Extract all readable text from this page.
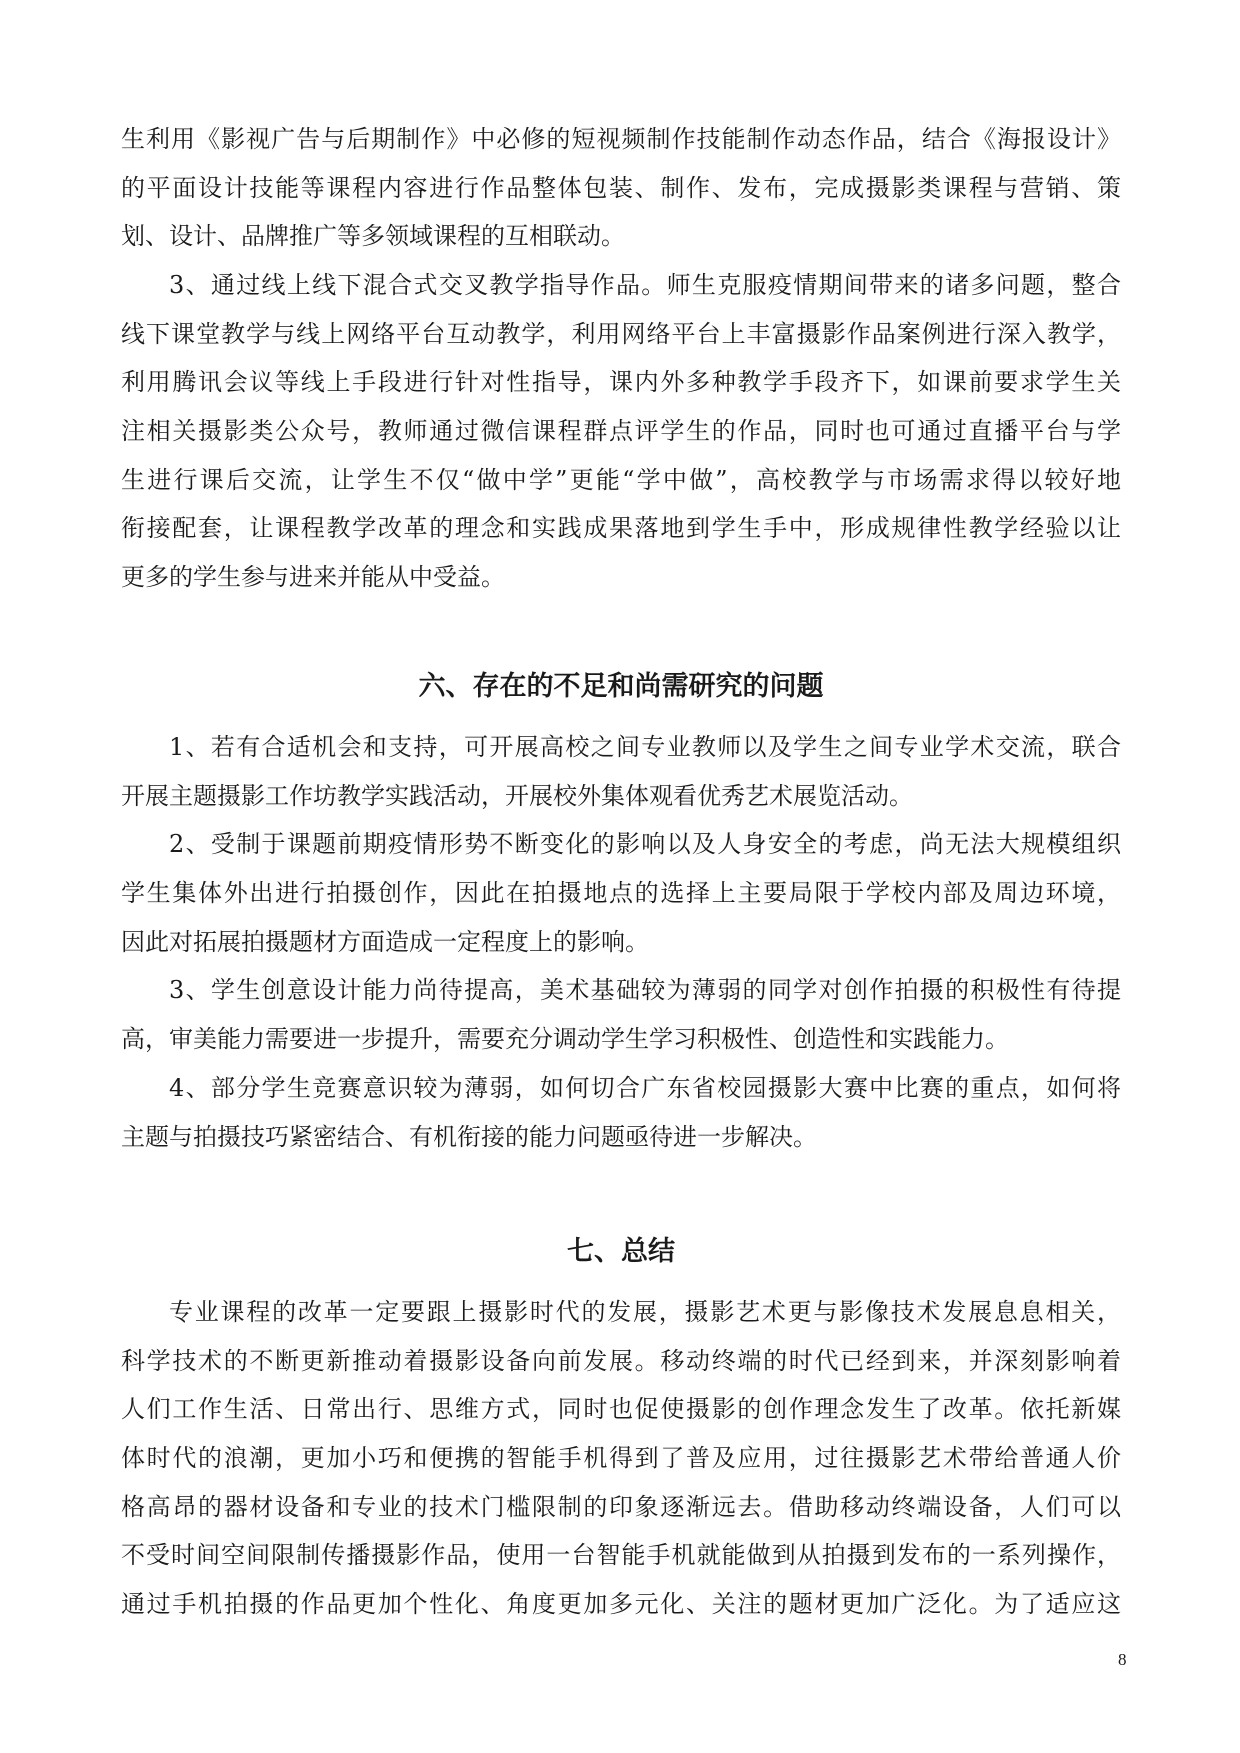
生利用《影视广告与后期制作》中必修的短视频制作技能制作动态作品，结合《海报设计》
的平面设计技能等课程内容进行作品整体包装、制作、发布，完成摄影类课程与营销、策
划、设计、品牌推广等多领域课程的互相联动。
3、通过线上线下混合式交叉教学指导作品。师生克服疫情期间带来的诸多问题，整合
线下课堂教学与线上网络平台互动教学，利用网络平台上丰富摄影作品案例进行深入教学，
利用腾讯会议等线上手段进行针对性指导，课内外多种教学手段齐下，如课前要求学生关
注相关摄影类公众号，教师通过微信课程群点评学生的作品，同时也可通过直播平台与学
生进行课后交流，让学生不仅“做中学”更能“学中做”，高校教学与市场需求得以较好地
衔接配套，让课程教学改革的理念和实践成果落地到学生手中，形成规律性教学经验以让
更多的学生参与进来并能从中受益。
六、存在的不足和尚需研究的问题
1、若有合适机会和支持，可开展高校之间专业教师以及学生之间专业学术交流，联合
开展主题摄影工作坊教学实践活动，开展校外集体观看优秀艺术展览活动。
2、受制于课题前期疫情形势不断变化的影响以及人身安全的考虑，尚无法大规模组织
学生集体外出进行拍摄创作，因此在拍摄地点的选择上主要局限于学校内部及周边环境，
因此对拓展拍摄题材方面造成一定程度上的影响。
3、学生创意设计能力尚待提高，美术基础较为薄弱的同学对创作拍摄的积极性有待提
高，审美能力需要进一步提升，需要充分调动学生学习积极性、创造性和实践能力。
4、部分学生竞赛意识较为薄弱，如何切合广东省校园摄影大赛中比赛的重点，如何将
主题与拍摄技巧紧密结合、有机衔接的能力问题亟待进一步解决。
七、总结
专业课程的改革一定要跟上摄影时代的发展，摄影艺术更与影像技术发展息息相关，
科学技术的不断更新推动着摄影设备向前发展。移动终端的时代已经到来，并深刻影响着
人们工作生活、日常出行、思维方式，同时也促使摄影的创作理念发生了改革。依托新媒
体时代的浪潮，更加小巧和便携的智能手机得到了普及应用，过往摄影艺术带给普通人价
格高昂的器材设备和专业的技术门槛限制的印象逐渐远去。借助移动终端设备，人们可以
不受时间空间限制传播摄影作品，使用一台智能手机就能做到从拍摄到发布的一系列操作，
通过手机拍摄的作品更加个性化、角度更加多元化、关注的题材更加广泛化。为了适应这
8
